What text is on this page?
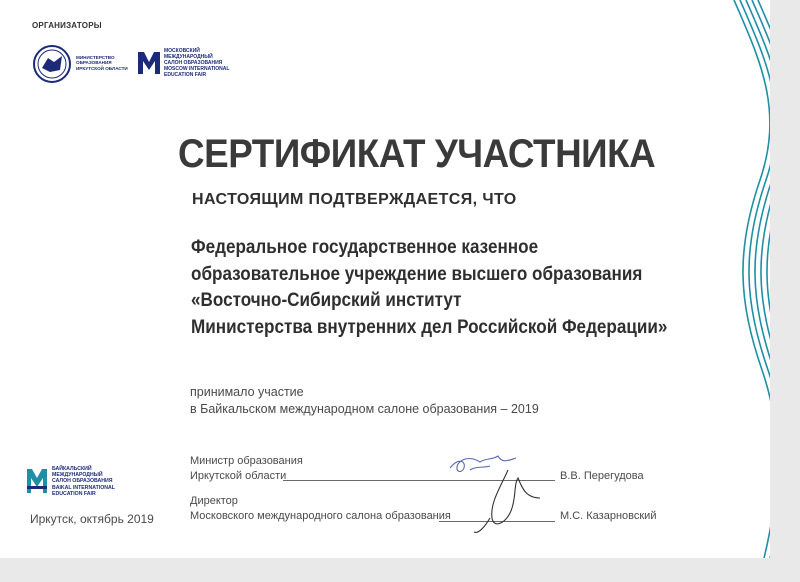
ОРГАНИЗАТОРЫ
МИНИСТЕРСТВО
ОБРАЗОВАНИЯ
ИРКУТСКОЙ ОБЛАСТИ
МОСКОВСКИЙ
МЕЖДУНАРОДНЫЙ
САЛОН ОБРАЗОВАНИЯ
MOSCOW INTERNATIONAL
EDUCATION FAIR
СЕРТИФИКАТ УЧАСТНИКА
НАСТОЯЩИМ ПОДТВЕРЖДАЕТСЯ, ЧТО
Федеральное государственное казенное
образовательное учреждение высшего образования
«Восточно-Сибирский институт
Министерства внутренних дел Российской Федерации»
принимало участие
в Байкальском международном салоне образования – 2019
Министр образования
Иркутской области	В.В. Перегудова
Директор
Московского международного салона образования	М.С. Казарновский
БАЙКАЛЬСКИЙ
МЕЖДУНАРОДНЫЙ
САЛОН ОБРАЗОВАНИЯ
BAIKAL INTERNATIONAL
EDUCATION FAIR
Иркутск, октябрь 2019
